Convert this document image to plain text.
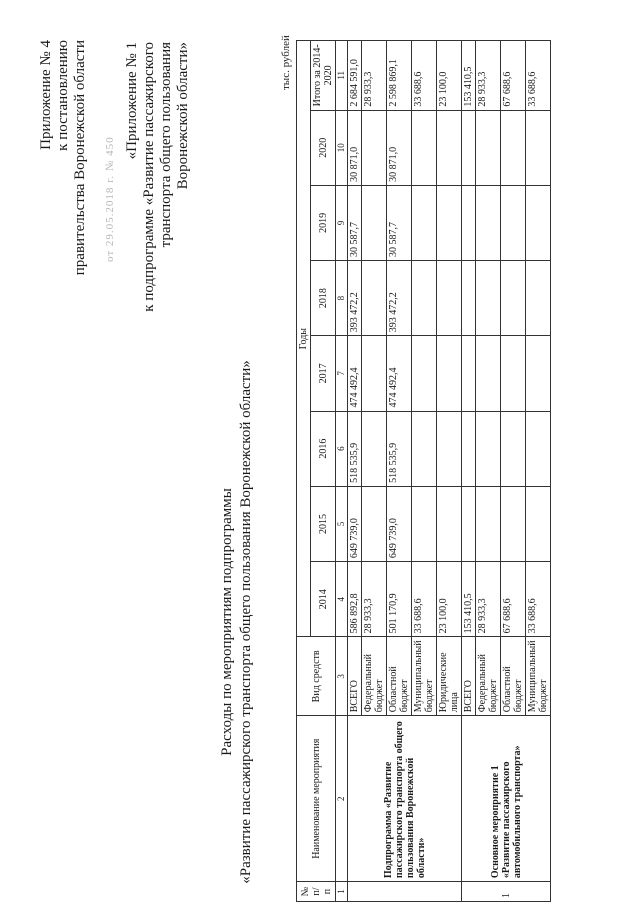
Приложение № 4 к постановлению правительства Воронежской области от 29.05.2018 г. № 450
«Приложение № 1 к подпрограмме «Развитие пассажирского транспорта общего пользования Воронежской области»
Расходы по мероприятиям подпрограммы «Развитие пассажирского транспорта общего пользования Воронежской области»
тыс. рублей
№ п/п	Наименование мероприятия	Вид средств	Годы							
			2014	2015	2016	2017	2018	2019	2020	Итого за 2014-2020
1	2	3	4	5	6	7	8	9	10	11
	Подпрограмма «Развитие пассажирского транспорта общего пользования Воронежской области»	ВСЕГО	586 892,8	649 739,0	518 535,9	474 492,4	393 472,2	30 587,7	30 871,0	2 684 591,0
		Федеральный бюджет	28 933,3							28 933,3
		Областной бюджет	501 170,9	649 739,0	518 535,9	474 492,4	393 472,2	30 587,7	30 871,0	2 598 869,1
		Муниципальный бюджет	33 688,6							33 688,6
		Юридические лица	23 100,0							23 100,0
1	Основное мероприятие 1 «Развитие пассажирского автомобильного транспорта»	ВСЕГО	153 410,5							153 410,5
		Федеральный бюджет	28 933,3							28 933,3
		Областной бюджет	67 688,6							67 688,6
		Муниципальный бюджет	33 688,6							33 688,6
